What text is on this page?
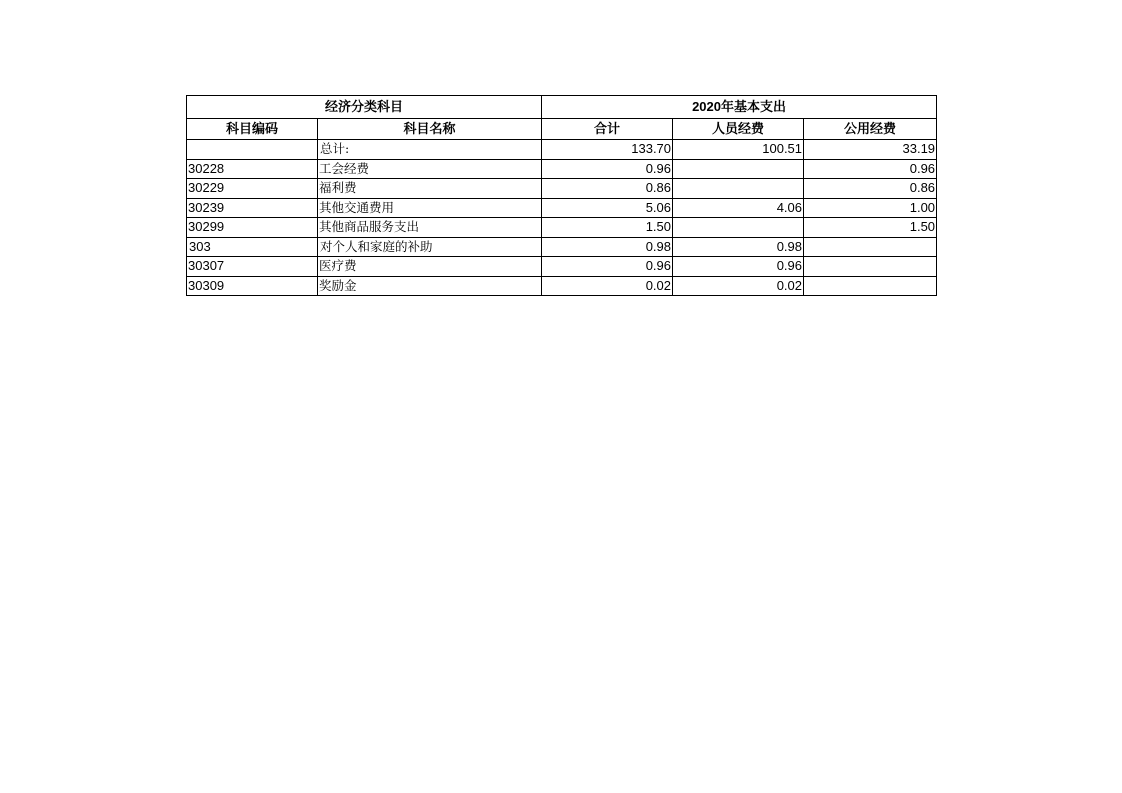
经济分类科目		2020年基本支出		
科目编码	科目名称	合计	人员经费	公用经费
	总计:	133.70	100.51	33.19
30228	工会经费	0.96		0.96
30229	福利费	0.86		0.86
30239	其他交通费用	5.06	4.06	1.00
30299	其他商品服务支出	1.50		1.50
303	对个人和家庭的补助	0.98	0.98	
30307	医疗费	0.96	0.96	
30309	奖励金	0.02	0.02	
